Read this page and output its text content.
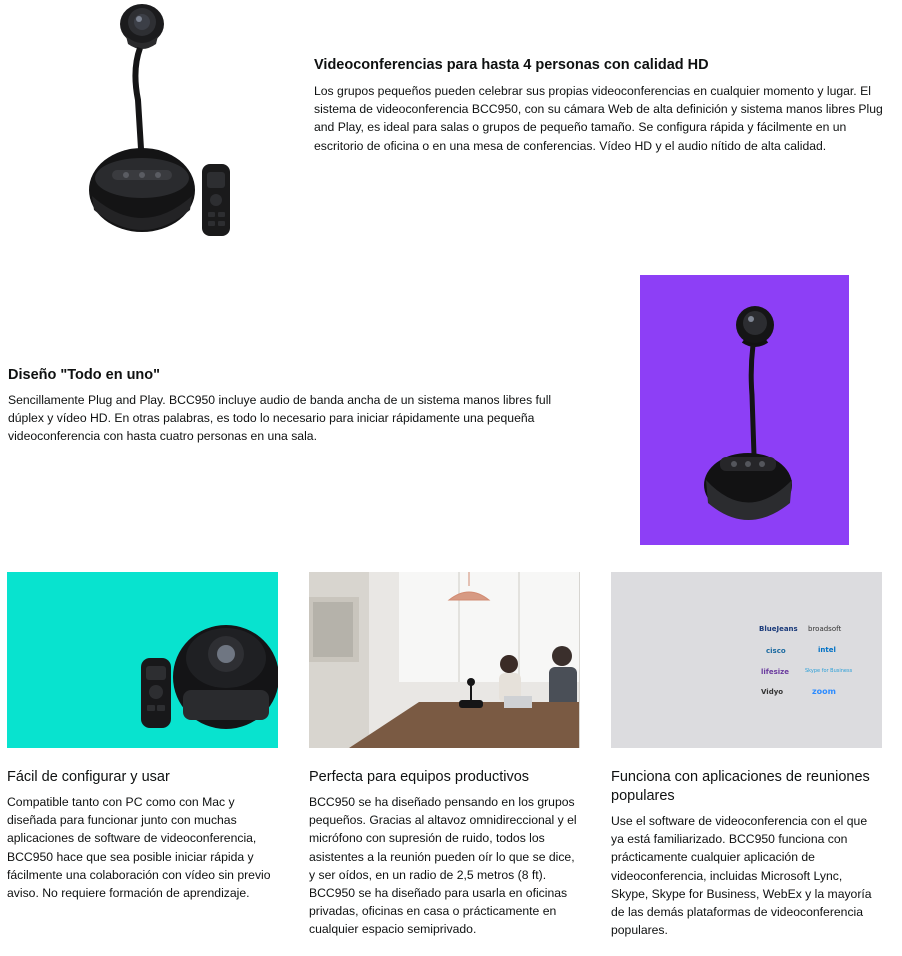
Videoconferencias para hasta 4 personas con calidad HD

Los grupos pequeños pueden celebrar sus propias videoconferencias en cualquier momento y lugar. El sistema de videoconferencia BCC950, con su cámara Web de alta definición y sistema manos libres Plug and Play, es ideal para salas o grupos de pequeño tamaño. Se configura rápida y fácilmente en un escritorio de oficina o en una mesa de conferencias. Vídeo HD y el audio nítido de alta calidad.

Diseño "Todo en uno"

Sencillamente Plug and Play. BCC950 incluye audio de banda ancha de un sistema manos libres full dúplex y vídeo HD. En otras palabras, es todo lo necesario para iniciar rápidamente una pequeña videoconferencia con hasta cuatro personas en una sala.

Fácil de configurar y usar

Compatible tanto con PC como con Mac y diseñada para funcionar junto con muchas aplicaciones de software de videoconferencia, BCC950 hace que sea posible iniciar rápida y fácilmente una colaboración con vídeo sin previo aviso. No requiere formación de aprendizaje.

Perfecta para equipos productivos

BCC950 se ha diseñado pensando en los grupos pequeños. Gracias al altavoz omnidireccional y el micrófono con supresión de ruido, todos los asistentes a la reunión pueden oír lo que se dice, y ser oídos, en un radio de 2,5 metros (8 ft). BCC950 se ha diseñado para usarla en oficinas privadas, oficinas en casa o prácticamente en cualquier espacio semiprivado.

BlueJeans broadsoft
cisco	intel
lifesize	Skype for Business
Vidyo	zoom
Funciona con aplicaciones de reuniones populares

Use el software de videoconferencia con el que ya está familiarizado. BCC950 funciona con prácticamente cualquier aplicación de videoconferencia, incluidas Microsoft Lync, Skype, Skype for Business, WebEx y la mayoría de las demás plataformas de videoconferencia populares.
